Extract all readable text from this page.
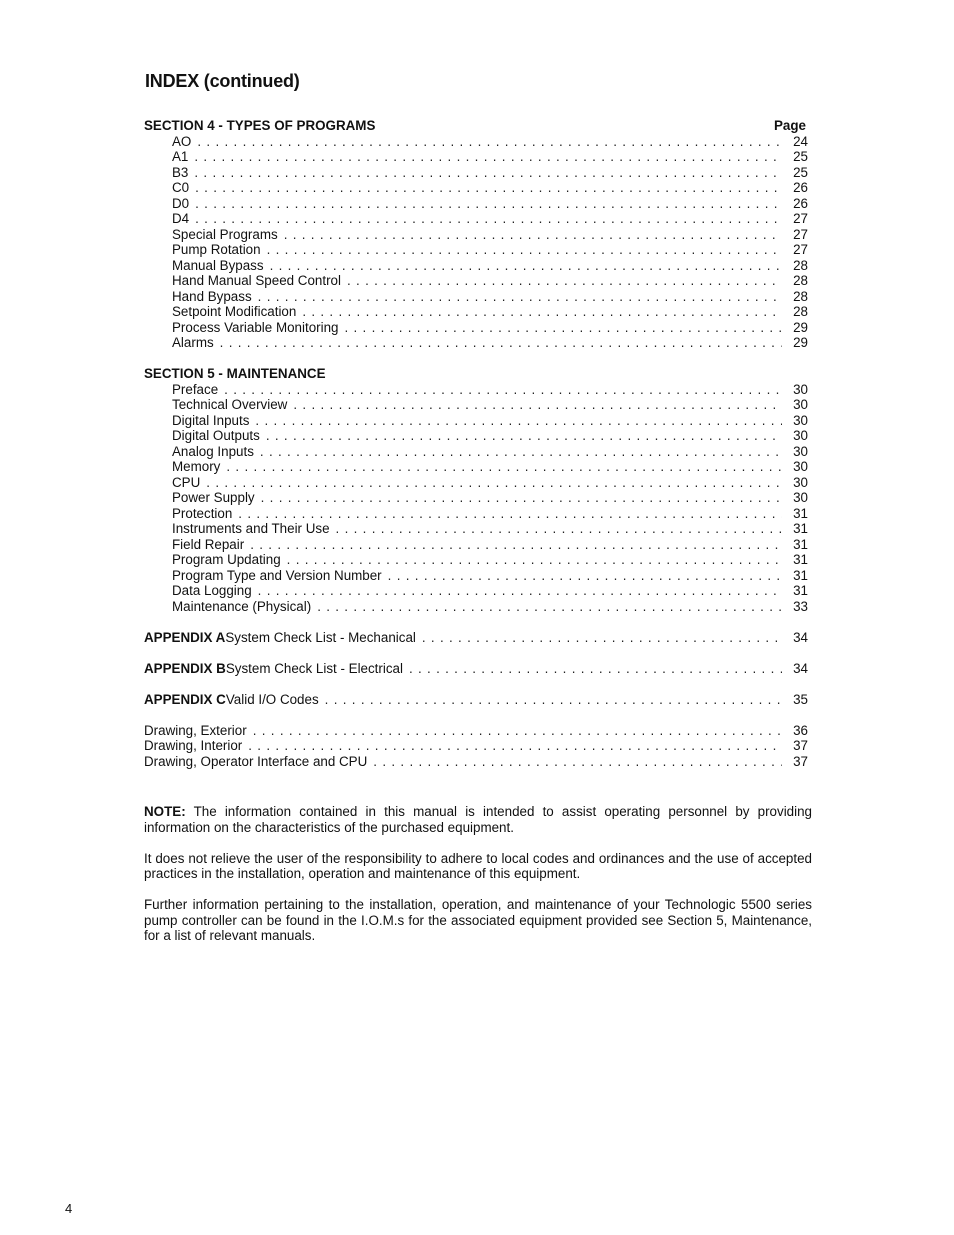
INDEX (continued)
SECTION 4 - TYPES OF PROGRAMS	Page
AO . . .	24
A1 . . .	25
B3 . . .	25
C0 . . .	26
D0 . . .	26
D4 . . .	27
Special Programs . . .	27
Pump Rotation . . .	27
Manual Bypass . . .	28
Hand Manual Speed Control . . .	28
Hand Bypass . . .	28
Setpoint Modification . . .	28
Process Variable Monitoring . . .	29
Alarms . . .	29
SECTION 5 - MAINTENANCE
Preface . . .	30
Technical Overview . . .	30
Digital Inputs . . .	30
Digital Outputs . . .	30
Analog Inputs . . .	30
Memory . . .	30
CPU . . .	30
Power Supply . . .	30
Protection . . .	31
Instruments and Their Use . . .	31
Field Repair . . .	31
Program Updating . . .	31
Program Type and Version Number . . .	31
Data Logging . . .	31
Maintenance (Physical) . . .	33
APPENDIX A System Check List - Mechanical . . .	34
APPENDIX B System Check List - Electrical . . .	34
APPENDIX C Valid I/O Codes . . .	35
Drawing, Exterior . . .	36
Drawing, Interior . . .	37
Drawing, Operator Interface and CPU . . .	37

NOTE: The information contained in this manual is intended to assist operating personnel by providing information on the characteristics of the purchased equipment.

It does not relieve the user of the responsibility to adhere to local codes and ordinances and the use of accepted practices in the installation, operation and maintenance of this equipment.

Further information pertaining to the installation, operation, and maintenance of your Technologic 5500 series pump controller can be found in the I.O.M.s for the associated equipment provided see Section 5, Maintenance, for a list of relevant manuals.

4
